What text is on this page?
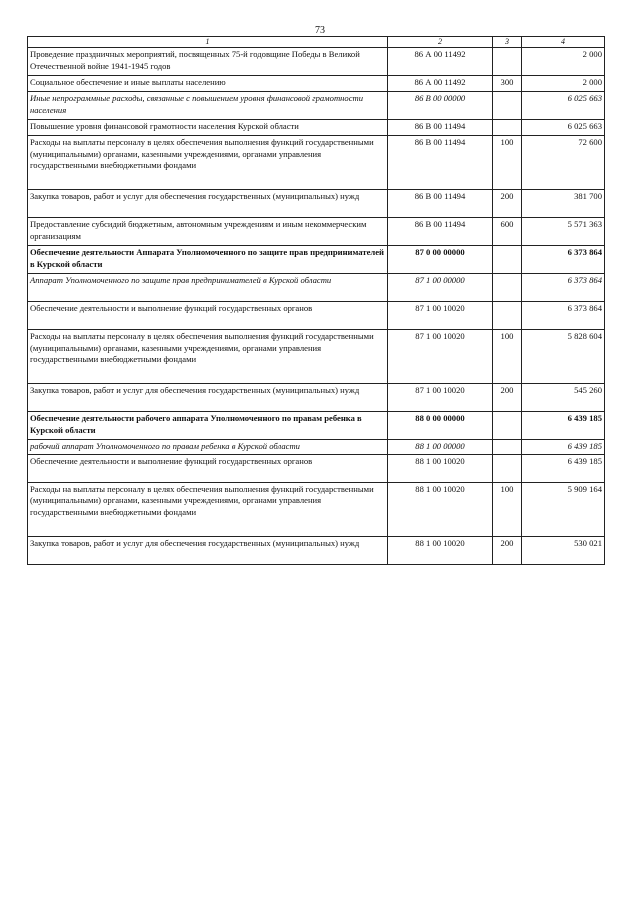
73
1	2	3	4
Проведение праздничных мероприятий, посвященных 75-й годовщине Победы в Великой Отечественной войне 1941-1945 годов	86 А 00 11492		2 000
Социальное обеспечение и иные выплаты населению	86 А 00 11492	300	2 000
Иные непрограммные расходы, связанные с повышением уровня финансовой грамотности населения	86 В 00 00000		6 025 663
Повышение уровня финансовой грамотности населения Курской области	86 В 00 11494		6 025 663
Расходы на выплаты персоналу в целях обеспечения выполнения функций государственными (муниципальными) органами, казенными учреждениями, органами управления государственными внебюджетными фондами	86 В 00 11494	100	72 600
Закупка товаров, работ и услуг для обеспечения государственных (муниципальных) нужд	86 В 00 11494	200	381 700
Предоставление субсидий бюджетным, автономным учреждениям и иным некоммерческим организациям	86 В 00 11494	600	5 571 363
Обеспечение деятельности Аппарата Уполномоченного по защите прав предпринимателей в Курской области	87 0 00 00000		6 373 864
Аппарат Уполномоченного по защите прав предпринимателей в Курской области	87 1 00 00000		6 373 864
Обеспечение деятельности и выполнение функций государственных органов	87 1 00 10020		6 373 864
Расходы на выплаты персоналу в целях обеспечения выполнения функций государственными (муниципальными) органами, казенными учреждениями, органами управления государственными внебюджетными фондами	87 1 00 10020	100	5 828 604
Закупка товаров, работ и услуг для обеспечения государственных (муниципальных) нужд	87 1 00 10020	200	545 260
Обеспечение деятельности рабочего аппарата Уполномоченного по правам ребенка в Курской области	88 0 00 00000		6 439 185
рабочий аппарат Уполномоченного по правам ребенка в Курской области	88 1 00 00000		6 439 185
Обеспечение деятельности и выполнение функций государственных органов	88 1 00 10020		6 439 185
Расходы на выплаты персоналу в целях обеспечения выполнения функций государственными (муниципальными) органами, казенными учреждениями, органами управления государственными внебюджетными фондами	88 1 00 10020	100	5 909 164
Закупка товаров, работ и услуг для обеспечения государственных (муниципальных) нужд	88 1 00 10020	200	530 021
